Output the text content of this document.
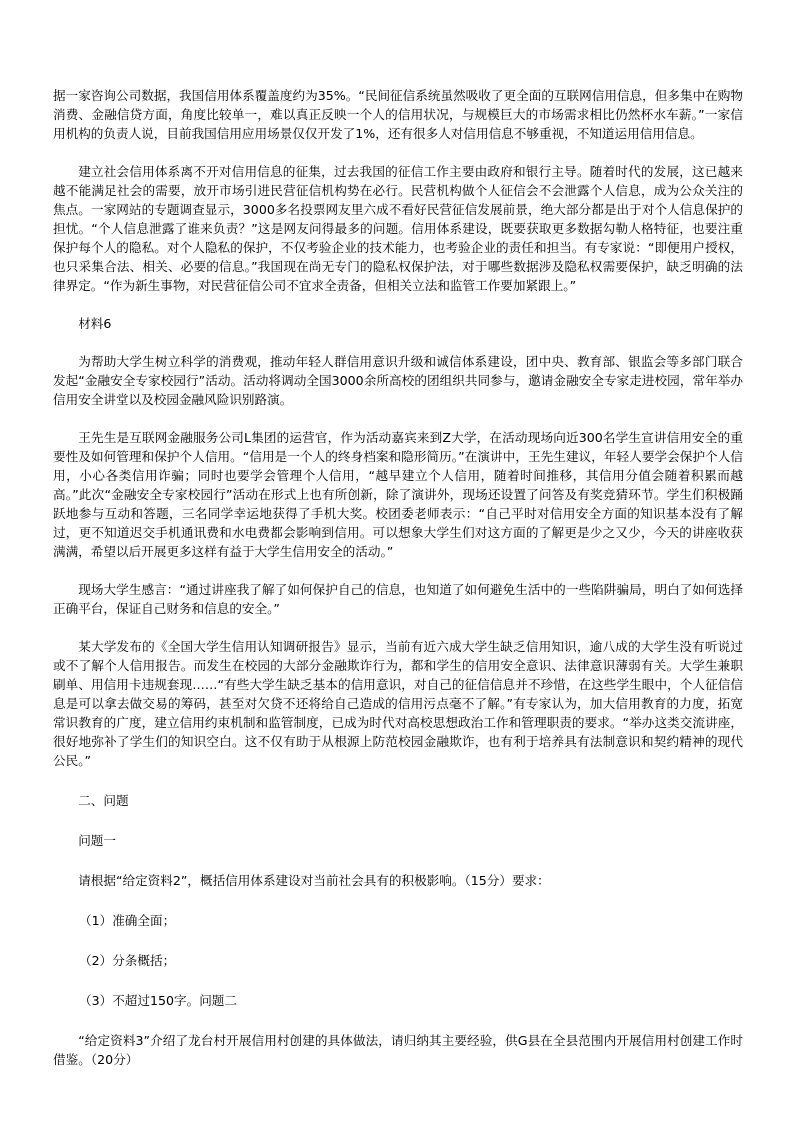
据一家咨询公司数据，我国信用体系覆盖度约为35%。“民间征信系统虽然吸收了更全面的互联网信用信息，但多集中在购物消费、金融信贷方面，角度比较单一，难以真正反映一个人的信用状况，与规模巨大的市场需求相比仍然杯水车薪。”一家信用机构的负责人说，目前我国信用应用场景仅仅开发了1%，还有很多人对信用信息不够重视，不知道运用信用信息。

建立社会信用体系离不开对信用信息的征集，过去我国的征信工作主要由政府和银行主导。随着时代的发展，这已越来越不能满足社会的需要，放开市场引进民营征信机构势在必行。民营机构做个人征信会不会泄露个人信息，成为公众关注的焦点。一家网站的专题调查显示，3000多名投票网友里六成不看好民营征信发展前景，绝大部分都是出于对个人信息保护的担忧。“个人信息泄露了谁来负责？”这是网友问得最多的问题。信用体系建设，既要获取更多数据勾勒人格特征，也要注重保护每个人的隐私。对个人隐私的保护，不仅考验企业的技术能力，也考验企业的责任和担当。有专家说：“即便用户授权，也只采集合法、相关、必要的信息。”我国现在尚无专门的隐私权保护法，对于哪些数据涉及隐私权需要保护，缺乏明确的法律界定。“作为新生事物，对民营征信公司不宜求全责备，但相关立法和监管工作要加紧跟上。”

材料6

为帮助大学生树立科学的消费观，推动年轻人群信用意识升级和诚信体系建设，团中央、教育部、银监会等多部门联合发起“金融安全专家校园行”活动。活动将调动全国3000余所高校的团组织共同参与，邀请金融安全专家走进校园，常年举办信用安全讲堂以及校园金融风险识别路演。

王先生是互联网金融服务公司L集团的运营官，作为活动嘉宾来到Z大学，在活动现场向近300名学生宣讲信用安全的重要性及如何管理和保护个人信用。“信用是一个人的终身档案和隐形简历。”在演讲中，王先生建议，年轻人要学会保护个人信用，小心各类信用诈骗；同时也要学会管理个人信用，“越早建立个人信用，随着时间推移，其信用分值会随着积累而越高。”此次“金融安全专家校园行”活动在形式上也有所创新，除了演讲外，现场还设置了问答及有奖竞猜环节。学生们积极踊跃地参与互动和答题，三名同学幸运地获得了手机大奖。校团委老师表示：“自己平时对信用安全方面的知识基本没有了解过，更不知道迟交手机通讯费和水电费都会影响到信用。可以想象大学生们对这方面的了解更是少之又少，今天的讲座收获满满，希望以后开展更多这样有益于大学生信用安全的活动。”

现场大学生感言：“通过讲座我了解了如何保护自己的信息，也知道了如何避免生活中的一些陷阱骗局，明白了如何选择正确平台，保证自己财务和信息的安全。”

某大学发布的《全国大学生信用认知调研报告》显示，当前有近六成大学生缺乏信用知识，逾八成的大学生没有听说过或不了解个人信用报告。而发生在校园的大部分金融欺诈行为，都和学生的信用安全意识、法律意识薄弱有关。大学生兼职刷单、用信用卡违规套现……“有些大学生缺乏基本的信用意识，对自己的征信信息并不珍惜，在这些学生眼中，个人征信信息是可以拿去做交易的筹码，甚至对欠贷不还将给自己造成的信用污点毫不了解。”有专家认为，加大信用教育的力度，拓宽常识教育的广度，建立信用约束机制和监管制度，已成为时代对高校思想政治工作和管理职责的要求。“举办这类交流讲座，很好地弥补了学生们的知识空白。这不仅有助于从根源上防范校园金融欺诈，也有利于培养具有法制意识和契约精神的现代公民。”

二、问题

问题一

请根据“给定资料2”，概括信用体系建设对当前社会具有的积极影响。（15分）要求：

（1）准确全面；

（2）分条概括；

（3）不超过150字。问题二

“给定资料3”介绍了龙台村开展信用村创建的具体做法，请归纳其主要经验，供G县在全县范围内开展信用村创建工作时借鉴。（20分）
